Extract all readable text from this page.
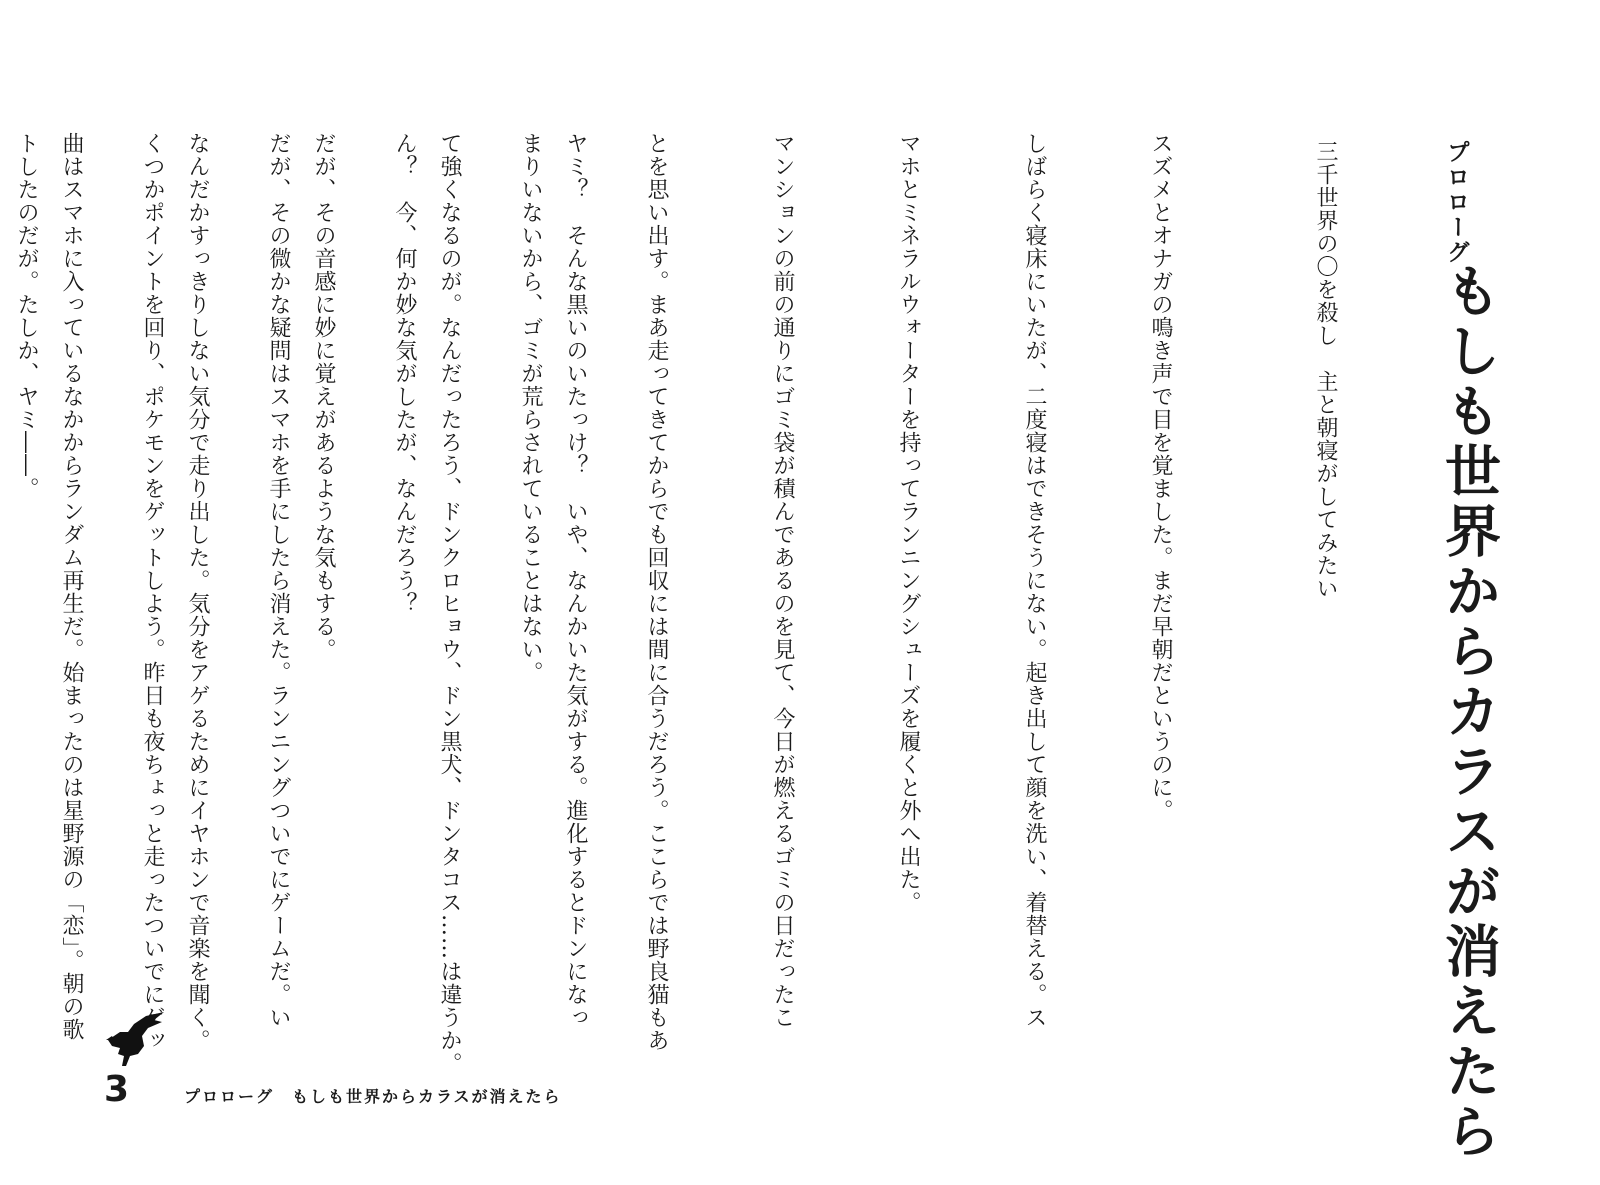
プロローグ
もしも世界からカラスが消えたら
三千世界の〇を殺し　主と朝寝がしてみたい

スズメとオナガの鳴き声で目を覚ました。まだ早朝だというのに。

しばらく寝床にいたが、二度寝はできそうにない。起き出して顔を洗い、着替える。ス

マホとミネラルウォーターを持ってランニングシューズを履くと外へ出た。

マンションの前の通りにゴミ袋が積んであるのを見て、今日が燃えるゴミの日だったこ

とを思い出す。まあ走ってきてからでも回収には間に合うだろう。ここらでは野良猫もあ

まりいないから、ゴミが荒らされていることはない。

ん？　今、何か妙な気がしたが、なんだろう？

だが、その微かな疑問はスマホを手にしたら消えた。ランニングついでにゲームだ。い

くつかポイントを回り、ポケモンをゲットしよう。昨日も夜ちょっと走ったついでにゲッ

トしたのだが。たしか、ヤミ――。

	ヤミ？　そんな黒いのいたっけ？　いや、なんかいた気がする。進化するとドンになっ

て強くなるのが。なんだったろう、ドンクロヒョウ、ドン黒犬、ドンタコス……は違うか。

だが、その音感に妙に覚えがあるような気もする。

なんだかすっきりしない気分で走り出した。気分をアゲるためにイヤホンで音楽を聞く。

曲はスマホに入っているなかからランダム再生だ。始まったのは星野源の「恋」。朝の歌

3	プロローグ　もしも世界からカラスが消えたら
